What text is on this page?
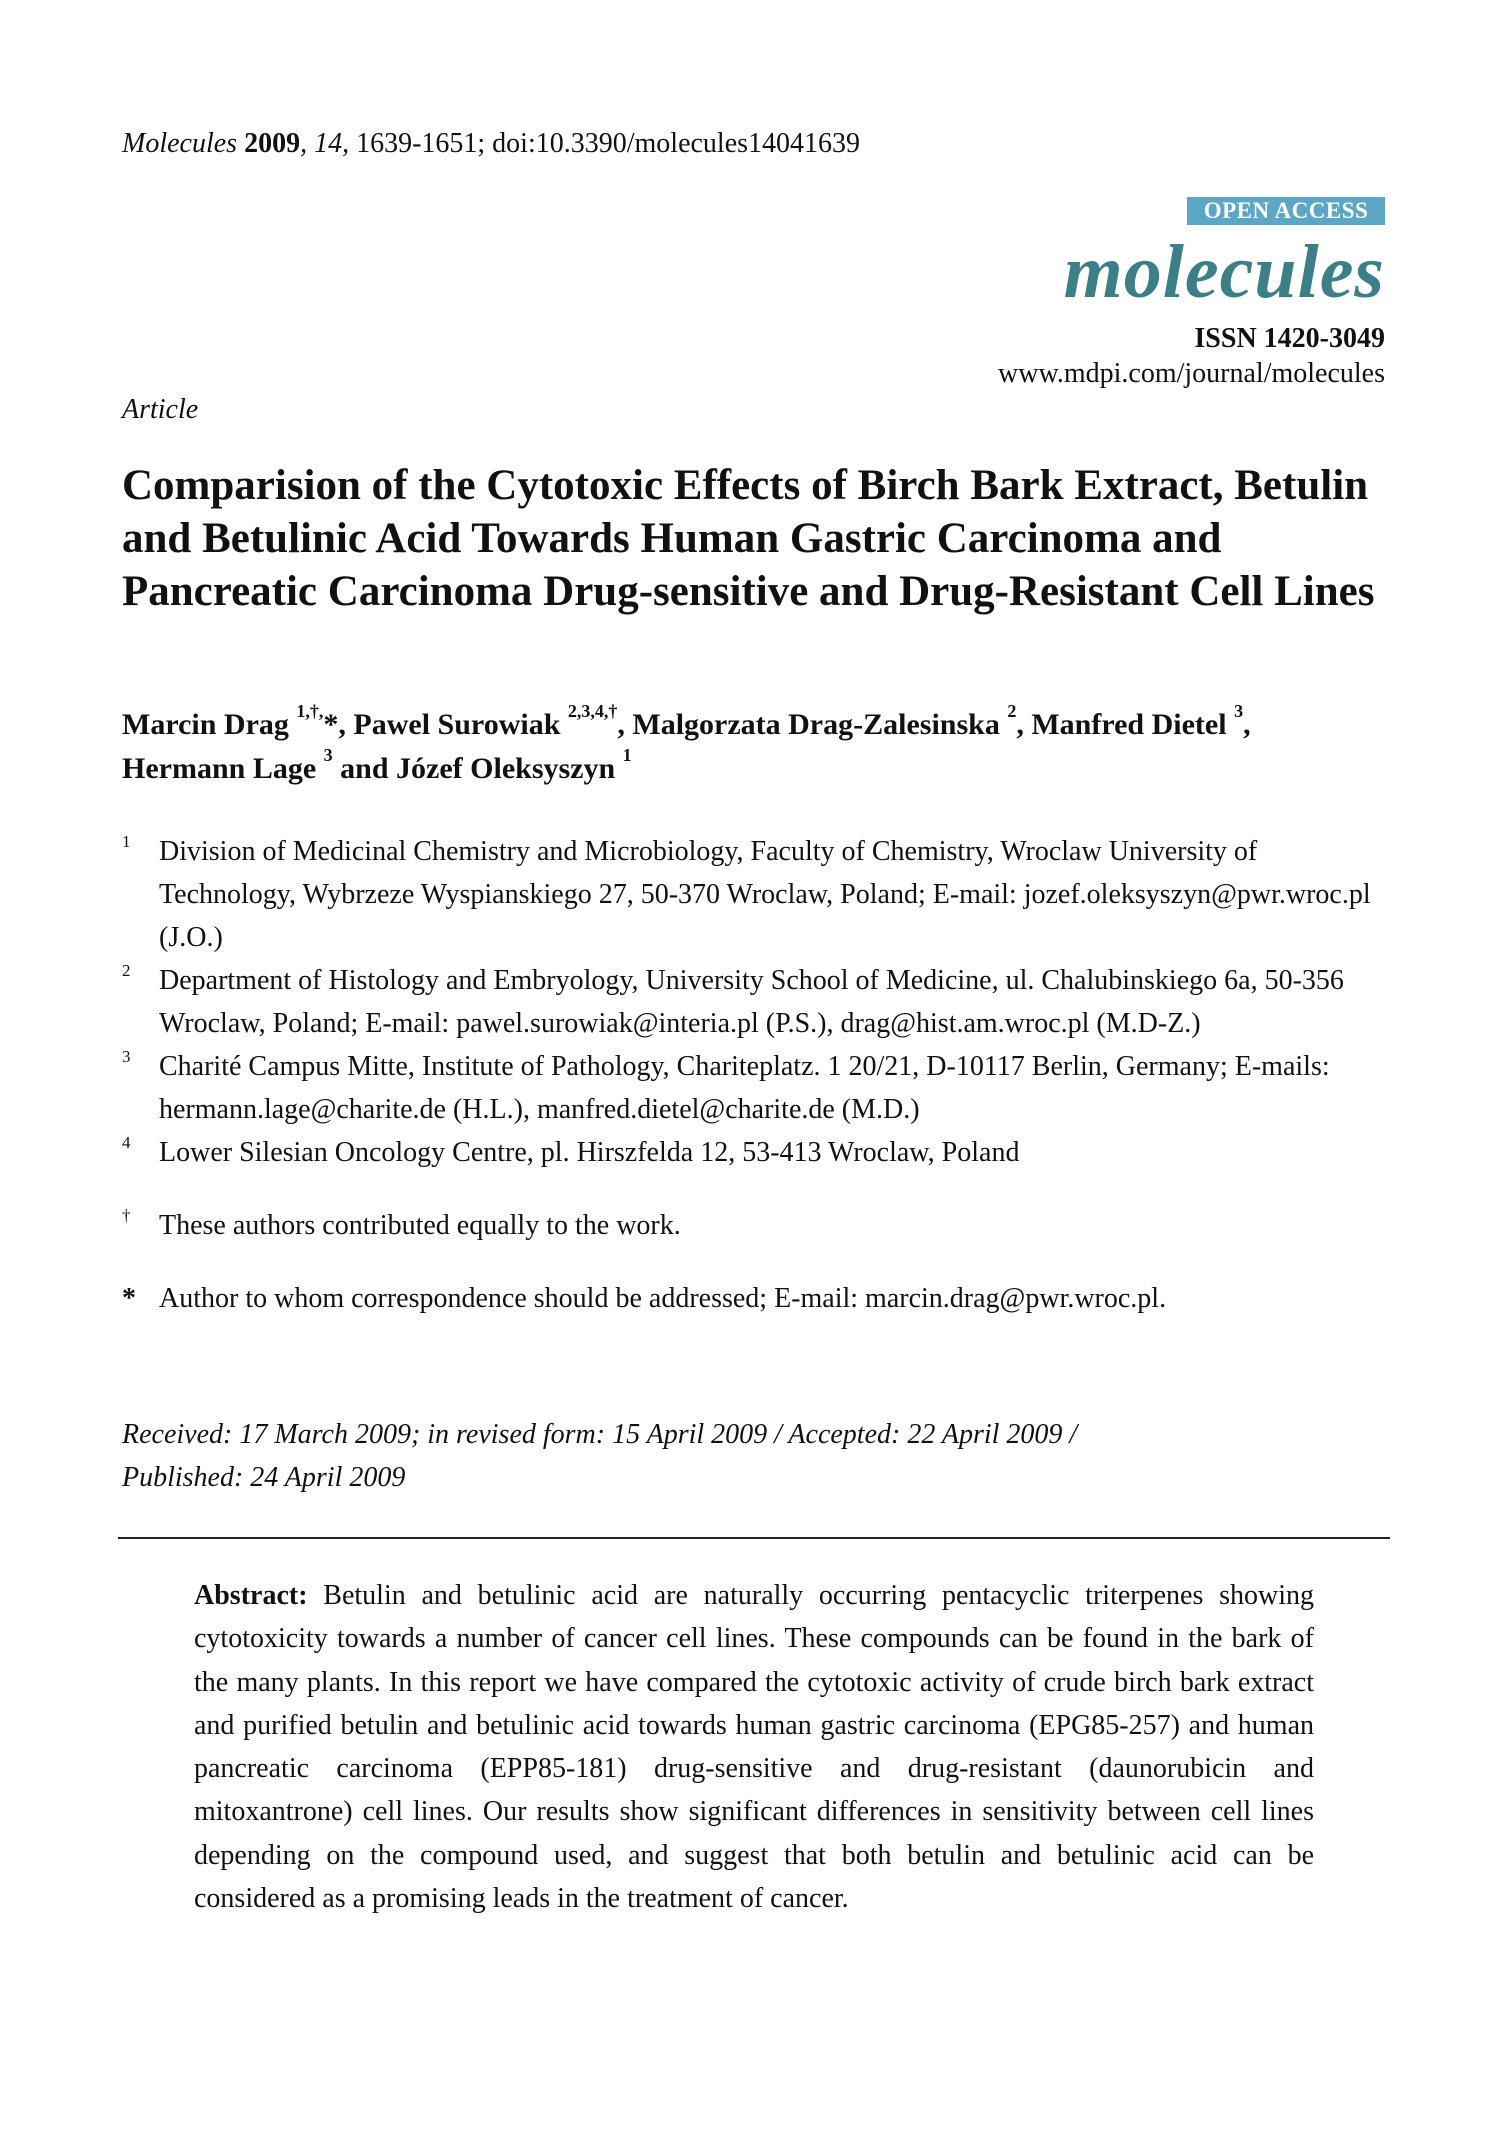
Molecules 2009, 14, 1639-1651; doi:10.3390/molecules14041639
OPEN ACCESS
molecules
ISSN 1420-3049
www.mdpi.com/journal/molecules
Article
Comparision of the Cytotoxic Effects of Birch Bark Extract, Betulin and Betulinic Acid Towards Human Gastric Carcinoma and Pancreatic Carcinoma Drug-sensitive and Drug-Resistant Cell Lines
Marcin Drag $^{1,\dagger,}$*, Pawel Surowiak $^{2,3,4,\dagger}$, Malgorzata Drag-Zalesinska $^2$, Manfred Dietel $^3$,
Hermann Lage $^3$ and Józef Oleksyszyn $^1$
1 Division of Medicinal Chemistry and Microbiology, Faculty of Chemistry, Wroclaw University of Technology, Wybrzeze Wyspianskiego 27, 50-370 Wroclaw, Poland; E-mail: jozef.oleksyszyn@pwr.wroc.pl (J.O.)
2 Department of Histology and Embryology, University School of Medicine, ul. Chalubinskiego 6a, 50-356 Wroclaw, Poland; E-mail: pawel.surowiak@interia.pl (P.S.), drag@hist.am.wroc.pl (M.D-Z.)
3 Charité Campus Mitte, Institute of Pathology, Chariteplatz. 1 20/21, D-10117 Berlin, Germany; E-mails: hermann.lage@charite.de (H.L.), manfred.dietel@charite.de (M.D.)
4 Lower Silesian Oncology Centre, pl. Hirszfelda 12, 53-413 Wroclaw, Poland
† These authors contributed equally to the work.
* Author to whom correspondence should be addressed; E-mail: marcin.drag@pwr.wroc.pl.
Received: 17 March 2009; in revised form: 15 April 2009 / Accepted: 22 April 2009 /
Published: 24 April 2009
Abstract: Betulin and betulinic acid are naturally occurring pentacyclic triterpenes showing cytotoxicity towards a number of cancer cell lines. These compounds can be found in the bark of the many plants. In this report we have compared the cytotoxic activity of crude birch bark extract and purified betulin and betulinic acid towards human gastric carcinoma (EPG85-257) and human pancreatic carcinoma (EPP85-181) drug-sensitive and drug-resistant (daunorubicin and mitoxantrone) cell lines. Our results show significant differences in sensitivity between cell lines depending on the compound used, and suggest that both betulin and betulinic acid can be considered as a promising leads in the treatment of cancer.
